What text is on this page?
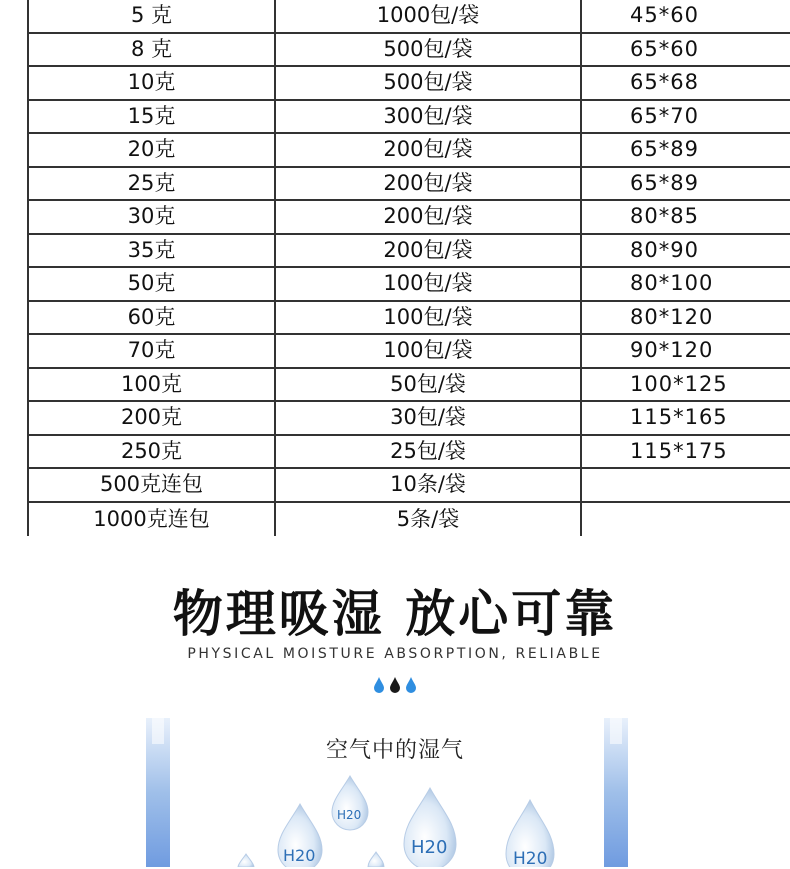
5 克	1000包/袋	45*60
8 克	500包/袋	65*60
10克	500包/袋	65*68
15克	300包/袋	65*70
20克	200包/袋	65*89
25克	200包/袋	65*89
30克	200包/袋	80*85
35克	200包/袋	80*90
50克	100包/袋	80*100
60克	100包/袋	80*120
70克	100包/袋	90*120
100克	50包/袋	100*125
200克	30包/袋	115*165
250克	25包/袋	115*175
500克连包	10条/袋	
1000克连包	5条/袋	
物理吸湿 放心可靠
PHYSICAL MOISTURE ABSORPTION, RELIABLE
空气中的湿气
H20
H20	H20
H20
